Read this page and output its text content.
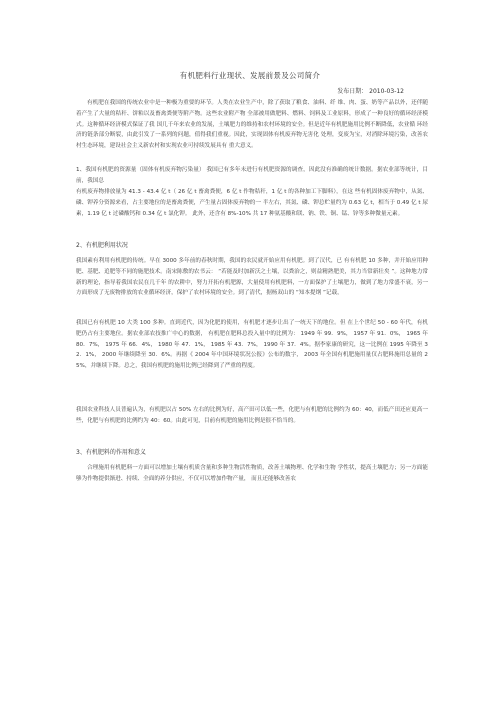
有机肥料行业现状、发展前景及公司简介
发布日期： 2010-03-12

有机肥在我国的传统农业中是一种极为重要的环节。人类在农业生产中，除了获取了粮食、油料、纤 维、肉、蛋、奶等产品以外，还伴随着产生了大量的秸秆、饼粕以及畜禽粪便等附产物。这些农业附产物 全部被用做肥料、燃料、饲料及工业原料，形成了一种良好的循环经济模式。这种循环经济模式保证了我 国几千年来农业的发展，土壤肥力的维持和农村环境的安全。但是近年有机肥施用比例不断降低，农业循 环经济的链条部分断裂，由此引发了一系列的问题，值得我们重视。因此，实现固体有机废弃物无害化 处理，变废为宝，对消除环境污染，改善农村生态环境，建设社会主义新农村和实现农业可持续发展具有 重大意义。

1、我国有机肥的资源量（固体有机废弃物污染量） 我国已有多年未进行有机肥资源的调查，因此没有准确的统计数据。据农业部等统计，目前，我国总

有机废弃物排放量为 41.3 - 43.4 亿 t（ 26 亿 t 畜禽粪便，6 亿 t 作物秸秆，1 亿 t 的各种加工下脚料），在这 些有机固体废弃物中，从氮、磷、钾养分资源来看，占主要地位的是畜禽粪便，产生量占固体废弃物的一 半左右，其氮、磷、钾总贮量约为 0.63 亿 t，相当于 0.49 亿 t 尿素，1.19 亿 t 过磷酸钙和 0.34 亿 t 氯化钾。 此外，还含有 8%-10% 共 17 种氨基酸和镁、钠、铁、铜、锰、锌等多种微量元素。

2、有机肥利用状况

我国素有利用有机肥的传统。早在 3000 多年前的春秋时期，我国的农民就开始应用有机肥。到了汉代，已 有有机肥 10 多种，并开始应用种肥、基肥、追肥等不同的施肥技术。南宋陈敷的农书云： “若能及时加新沃之土壤，以粪治之，则益精熟肥美，其力当常新壮矣 ”。这种地力常新的理论，指导着我国农民在几千年 的农耕中，努力开拓有机肥源，大量使用有机肥料，一方面保护了土壤肥力，做到了地力常盛不衰，另一 方面形成了无废物排放的农业循环经济，保护了农村环境的安全。到了清代，据杨双山的 “知本提纲 ”记载，

我国已有有机肥 10 大类 100 多种。直到近代，因为化肥的使用，有机肥才逐步让出了一统天下的地位。但 在上个世纪 50 - 60 年代，有机肥仍占有主要地位。据农业部农技推广中心的数据， 有机肥在肥料总投入量中的比例为： 1949 年 99．9%， 1957 年 91．0%， 1965 年 80．7%， 1975 年 66．4%， 1980 年 47．1%， 1985 年 43．7%， 1990 年 37．4%。据李家康的研究，这一比例在 1995 年降至 32．1%， 2000 年继续降至 30．6%。再据《 2004 年中国环境状况公报》公布的数字， 2003 年全国有机肥施用量仅占肥料施用总量的 25%，并继续下降。总之，我国有机肥的施用比例已经降到了严重的程度。

我国农业科技人员普遍认为，有机肥以占 50% 左右的比例为好，高产田可以低一些，化肥与有机肥的比例约为 60：40，而低产田还应更高一些，化肥与有机肥的比例约为 40：60。由此可见，目前有机肥的施用比例是很不恰当的。

3、有机肥料的作用和意义

合理施用有机肥料一方面可以增加土壤有机质含量和多种生物活性物质，改善土壤物理、化学和生物 学性状，提高土壤肥力；另一方面能够为作物提供渐进、持续、全面的养分供应，不仅可以增加作物产量， 而且还能够改善农
